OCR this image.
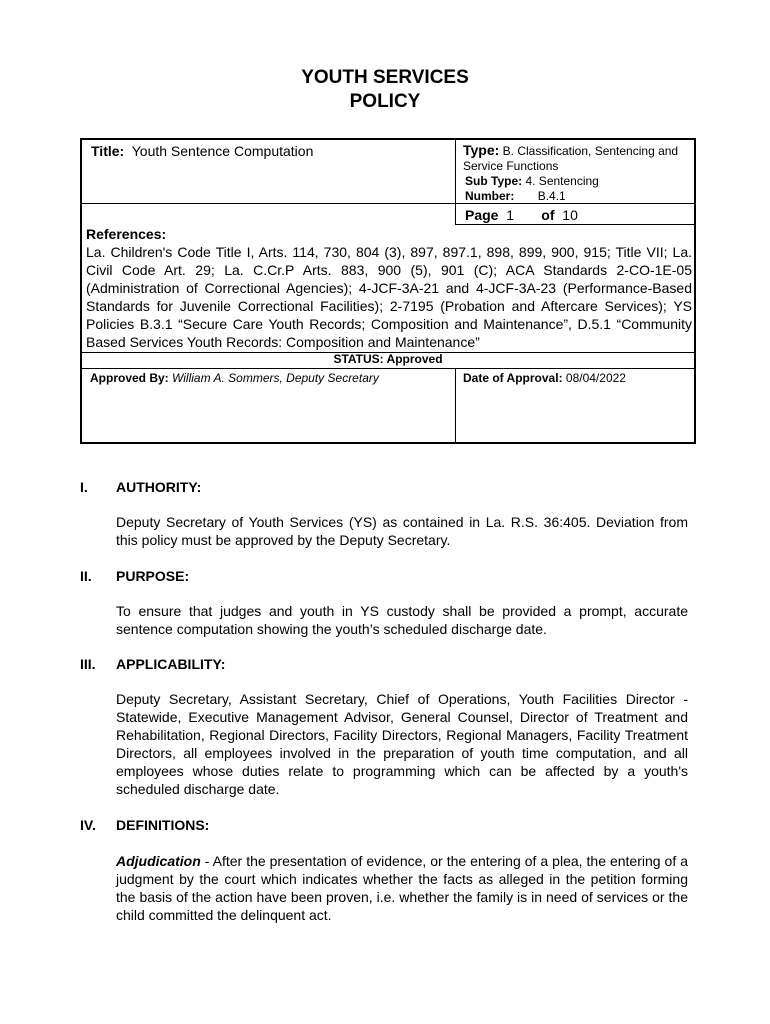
YOUTH SERVICES
POLICY
Title: Youth Sentence Computation	Type: B. Classification, Sentencing and Service Functions
Sub Type: 4. Sentencing
Number: B.4.1
Page 1 of 10
References:
La. Children's Code Title I, Arts. 114, 730, 804 (3), 897, 897.1, 898, 899, 900, 915; Title VII; La. Civil Code Art. 29; La. C.Cr.P Arts. 883, 900 (5), 901 (C); ACA Standards 2-CO-1E-05 (Administration of Correctional Agencies); 4-JCF-3A-21 and 4-JCF-3A-23 (Performance-Based Standards for Juvenile Correctional Facilities); 2-7195 (Probation and Aftercare Services); YS Policies B.3.1 “Secure Care Youth Records; Composition and Maintenance”, D.5.1 “Community Based Services Youth Records: Composition and Maintenance”
STATUS: Approved
Approved By: William A. Sommers, Deputy Secretary	Date of Approval: 08/04/2022
I. AUTHORITY:
Deputy Secretary of Youth Services (YS) as contained in La. R.S. 36:405. Deviation from this policy must be approved by the Deputy Secretary.
II. PURPOSE:
To ensure that judges and youth in YS custody shall be provided a prompt, accurate sentence computation showing the youth’s scheduled discharge date.
III. APPLICABILITY:
Deputy Secretary, Assistant Secretary, Chief of Operations, Youth Facilities Director - Statewide, Executive Management Advisor, General Counsel, Director of Treatment and Rehabilitation, Regional Directors, Facility Directors, Regional Managers, Facility Treatment Directors, all employees involved in the preparation of youth time computation, and all employees whose duties relate to programming which can be affected by a youth's scheduled discharge date.
IV. DEFINITIONS:
Adjudication - After the presentation of evidence, or the entering of a plea, the entering of a judgment by the court which indicates whether the facts as alleged in the petition forming the basis of the action have been proven, i.e. whether the family is in need of services or the child committed the delinquent act.
